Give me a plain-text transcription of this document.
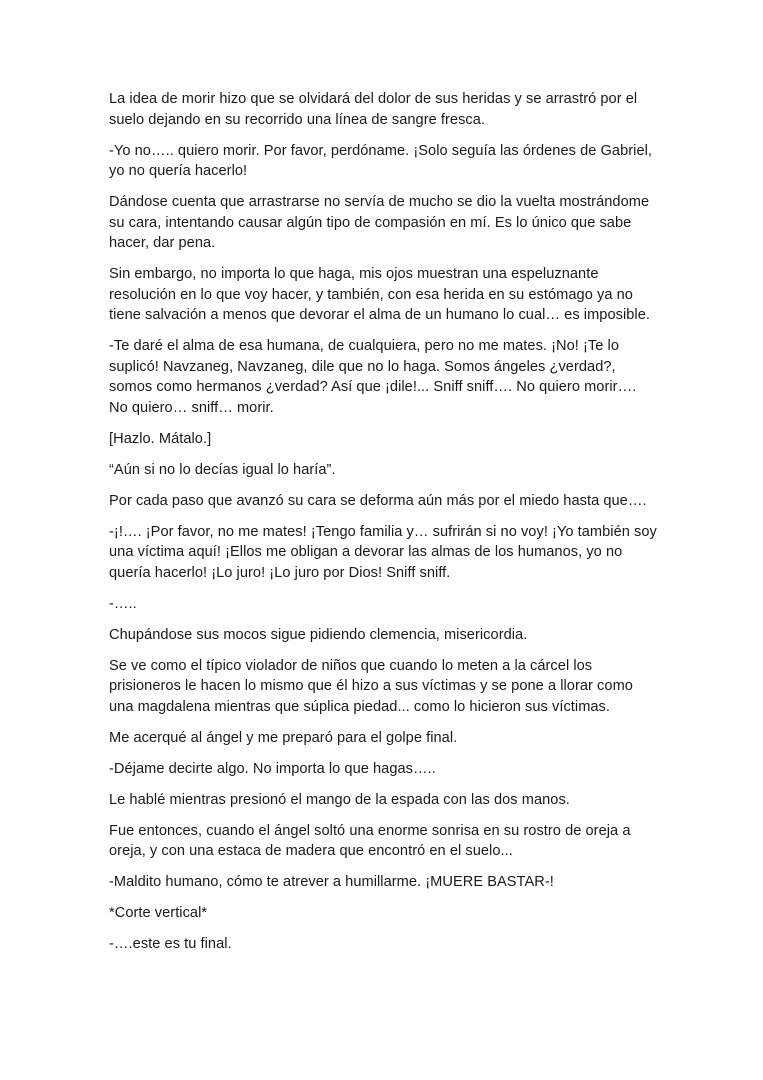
La idea de morir hizo que se olvidará del dolor de sus heridas y se arrastró por el suelo dejando en su recorrido una línea de sangre fresca.

-Yo no….. quiero morir. Por favor, perdóname. ¡Solo seguía las órdenes de Gabriel, yo no quería hacerlo!

Dándose cuenta que arrastrarse no servía de mucho se dio la vuelta mostrándome su cara, intentando causar algún tipo de compasión en mí. Es lo único que sabe hacer, dar pena.

Sin embargo, no importa lo que haga, mis ojos muestran una espeluznante resolución en lo que voy hacer, y también, con esa herida en su estómago ya no tiene salvación a menos que devorar el alma de un humano lo cual… es imposible.

-Te daré el alma de esa humana, de cualquiera, pero no me mates. ¡No! ¡Te lo suplicó! Navzaneg, Navzaneg, dile que no lo haga. Somos ángeles ¿verdad?, somos como hermanos ¿verdad? Así que ¡dile!... Sniff sniff…. No quiero morir…. No quiero… sniff… morir.

[Hazlo. Mátalo.]

“Aún si no lo decías igual lo haría”.

Por cada paso que avanzó su cara se deforma aún más por el miedo hasta que….

-¡!…. ¡Por favor, no me mates! ¡Tengo familia y… sufrirán si no voy! ¡Yo también soy una víctima aquí! ¡Ellos me obligan a devorar las almas de los humanos, yo no quería hacerlo! ¡Lo juro! ¡Lo juro por Dios! Sniff sniff.

-…..

Chupándose sus mocos sigue pidiendo clemencia, misericordia.

Se ve como el típico violador de niños que cuando lo meten a la cárcel los prisioneros le hacen lo mismo que él hizo a sus víctimas y se pone a llorar como una magdalena mientras que súplica piedad... como lo hicieron sus víctimas.

Me acerqué al ángel y me preparó para el golpe final.

-Déjame decirte algo. No importa lo que hagas…..

Le hablé mientras presionó el mango de la espada con las dos manos.

Fue entonces, cuando el ángel soltó una enorme sonrisa en su rostro de oreja a oreja, y con una estaca de madera que encontró en el suelo...

-Maldito humano, cómo te atrever a humillarme. ¡MUERE BASTAR-!

*Corte vertical*

-….este es tu final.
